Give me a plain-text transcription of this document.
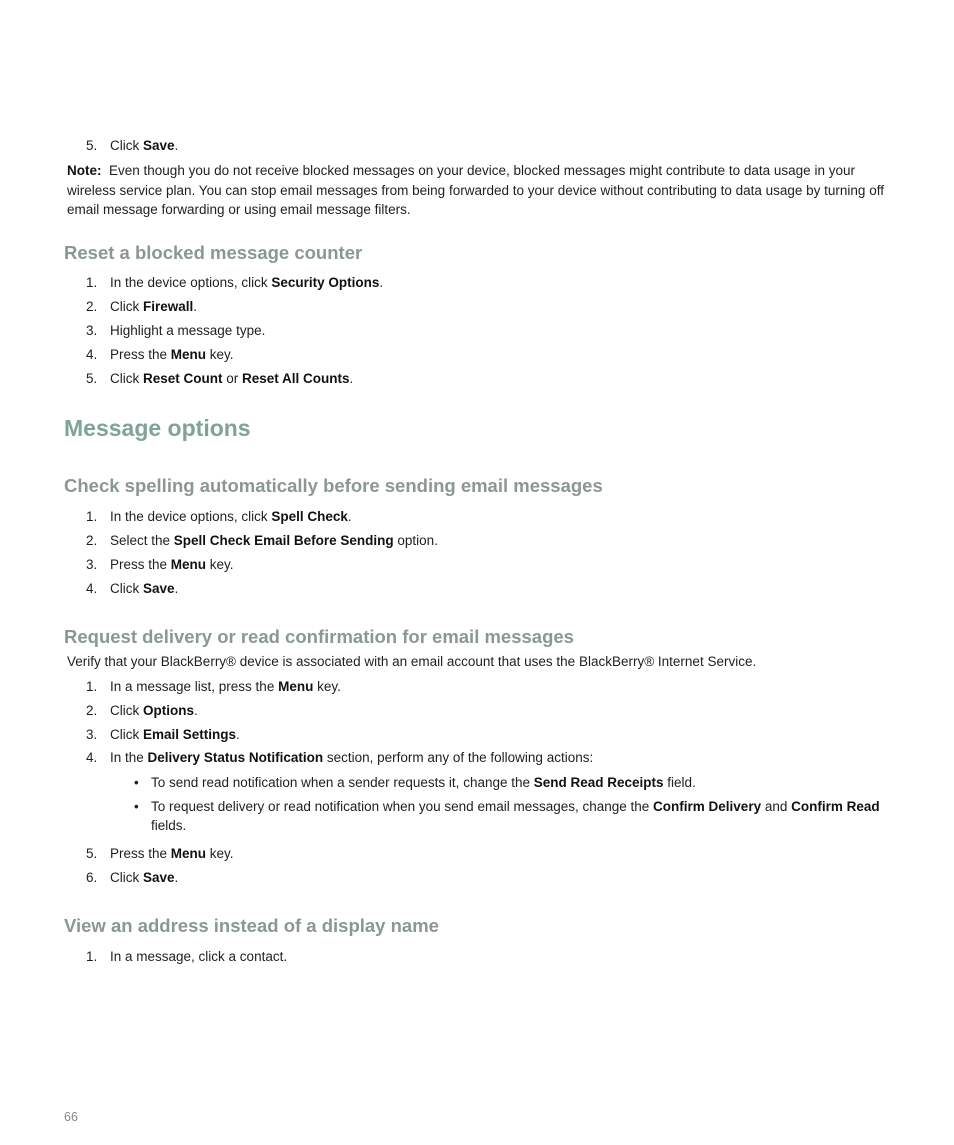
5. Click Save.
Note: Even though you do not receive blocked messages on your device, blocked messages might contribute to data usage in your wireless service plan. You can stop email messages from being forwarded to your device without contributing to data usage by turning off email message forwarding or using email message filters.
Reset a blocked message counter
1. In the device options, click Security Options.
2. Click Firewall.
3. Highlight a message type.
4. Press the Menu key.
5. Click Reset Count or Reset All Counts.
Message options
Check spelling automatically before sending email messages
1. In the device options, click Spell Check.
2. Select the Spell Check Email Before Sending option.
3. Press the Menu key.
4. Click Save.
Request delivery or read confirmation for email messages
Verify that your BlackBerry® device is associated with an email account that uses the BlackBerry® Internet Service.
1. In a message list, press the Menu key.
2. Click Options.
3. Click Email Settings.
4. In the Delivery Status Notification section, perform any of the following actions:
• To send read notification when a sender requests it, change the Send Read Receipts field.
• To request delivery or read notification when you send email messages, change the Confirm Delivery and Confirm Read fields.
5. Press the Menu key.
6. Click Save.
View an address instead of a display name
1. In a message, click a contact.
66
